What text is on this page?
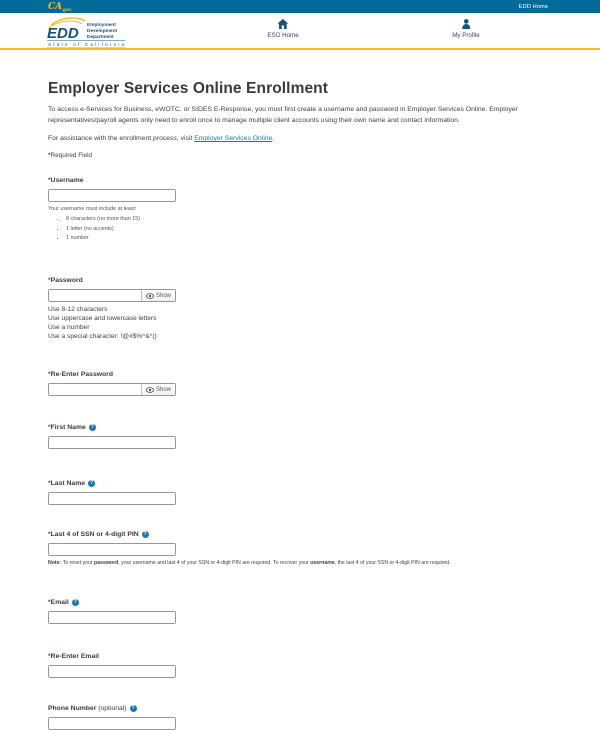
$CA_{.gov}$
EDD Home
EDD Employment
Development
Department
State of California
ESO Home	My Profile
Employer Services Online Enrollment

To access e-Services for Business, eWOTC, or SIDES E-Response, you must first create a username and password in Employer Services Online. Employer representatives/payroll agents only need to enroll once to manage multiple client accounts using their own name and contact information.

For assistance with the enrollment process, visit Employer Services Online.

*Required Field

*Username
Your username must include at least:
• 8 characters (no more than 15)
• 1 letter (no accents)
• 1 number
*Password
Show
Use 8-12 characters
Use uppercase and lowercase letters
Use a number
Use a special character: !@#$%^&*()
*Re-Enter Password
Show
*First Name ?
*Last Name ?
*Last 4 of SSN or 4-digit PIN ?
Note: To reset your password, your username and last 4 of your SSN or 4-digit PIN are required. To recover your username, the last 4 of your SSN or 4-digit PIN are required.
*Email ?
*Re-Enter Email
Phone Number (optional) ?
